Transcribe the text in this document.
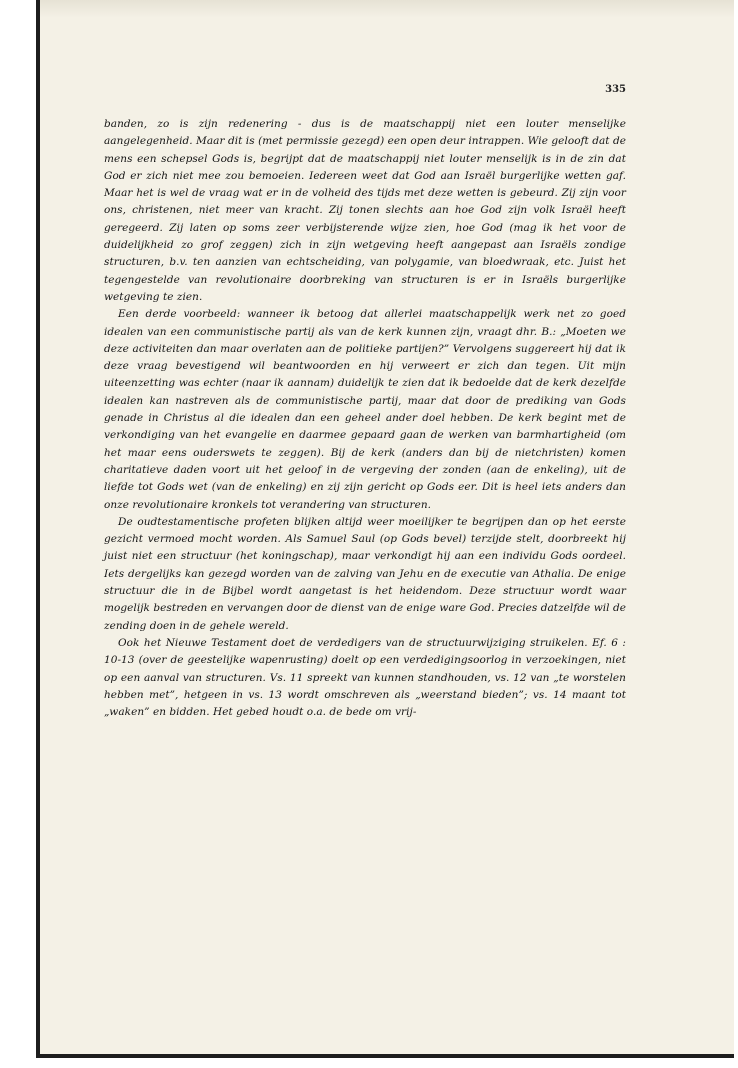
335

banden, zo is zijn redenering - dus is de maatschappij niet een louter menselijke aangelegenheid. Maar dit is (met permissie gezegd) een open deur intrappen. Wie gelooft dat de mens een schepsel Gods is, begrijpt dat de maatschappij niet louter menselijk is in de zin dat God er zich niet mee zou bemoeien. Iedereen weet dat God aan Israël burgerlijke wetten gaf. Maar het is wel de vraag wat er in de volheid des tijds met deze wetten is gebeurd. Zij zijn voor ons, christenen, niet meer van kracht. Zij tonen slechts aan hoe God zijn volk Israël heeft geregeerd. Zij laten op soms zeer verbijsterende wijze zien, hoe God (mag ik het voor de duidelijkheid zo grof zeggen) zich in zijn wetgeving heeft aangepast aan Israëls zondige structuren, b.v. ten aanzien van echtscheiding, van polygamie, van bloedwraak, etc. Juist het tegengestelde van revolutionaire doorbreking van structuren is er in Israëls burgerlijke wetgeving te zien.

Een derde voorbeeld: wanneer ik betoog dat allerlei maatschappelijk werk net zo goed idealen van een communistische partij als van de kerk kunnen zijn, vraagt dhr. B.: „Moeten we deze activiteiten dan maar overlaten aan de politieke partijen?” Vervolgens suggereert hij dat ik deze vraag bevestigend wil beantwoorden en hij verweert er zich dan tegen. Uit mijn uiteenzetting was echter (naar ik aannam) duidelijk te zien dat ik bedoelde dat de kerk dezelfde idealen kan nastreven als de communistische partij, maar dat door de prediking van Gods genade in Christus al die idealen dan een geheel ander doel hebben. De kerk begint met de verkondiging van het evangelie en daarmee gepaard gaan de werken van barmhartigheid (om het maar eens ouderswets te zeggen). Bij de kerk (anders dan bij de nietchristen) komen charitatieve daden voort uit het geloof in de vergeving der zonden (aan de enkeling), uit de liefde tot Gods wet (van de enkeling) en zij zijn gericht op Gods eer. Dit is heel iets anders dan onze revolutionaire kronkels tot verandering van structuren.

De oudtestamentische profeten blijken altijd weer moeilijker te begrijpen dan op het eerste gezicht vermoed mocht worden. Als Samuel Saul (op Gods bevel) terzijde stelt, doorbreekt hij juist niet een structuur (het koningschap), maar verkondigt hij aan een individu Gods oordeel. Iets dergelijks kan gezegd worden van de zalving van Jehu en de executie van Athalia. De enige structuur die in de Bijbel wordt aangetast is het heidendom. Deze structuur wordt waar mogelijk bestreden en vervangen door de dienst van de enige ware God. Precies datzelfde wil de zending doen in de gehele wereld.

Ook het Nieuwe Testament doet de verdedigers van de structuurwijziging struikelen. Ef. 6 : 10-13 (over de geestelijke wapenrusting) doelt op een verdedigingsoorlog in verzoekingen, niet op een aanval van structuren. Vs. 11 spreekt van kunnen standhouden, vs. 12 van „te worstelen hebben met”, hetgeen in vs. 13 wordt omschreven als „weerstand bieden”; vs. 14 maant tot „waken” en bidden. Het gebed houdt o.a. de bede om vrij-
